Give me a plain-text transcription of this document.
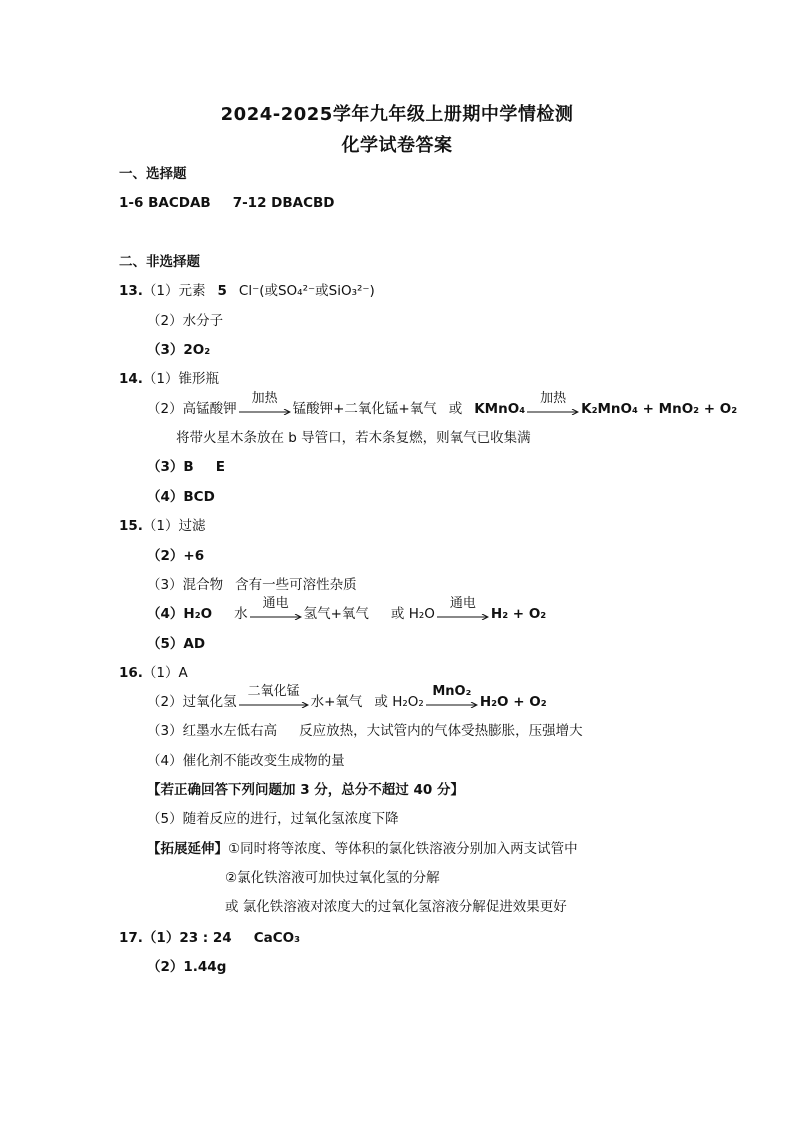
2024-2025学年九年级上册期中学情检测
化学试卷答案
一、选择题
1-6 BACDAB 7-12 DBACBD
二、非选择题
13.（1）元素 5 Cl⁻(或SO₄²⁻或SiO₃²⁻)
（2）水分子
（3）2O₂
14.（1）锥形瓶
（2）高锰酸钾
加热
锰酸钾+二氧化锰+氧气 或 KMnO₄
加热
K₂MnO₄ + MnO₂ + O₂
将带火星木条放在 b 导管口，若木条复燃，则氧气已收集满
（3）B E
（4）BCD
15.（1）过滤
（2）+6
（3）混合物 含有一些可溶性杂质
（4）H₂O 水
通电
氢气+氧气 或 H₂O
通电
H₂ + O₂
（5）AD
16.（1）A
（2）过氧化氢
二氧化锰
水+氧气 或 H₂O₂
MnO₂
H₂O + O₂
（3）红墨水左低右高 反应放热，大试管内的气体受热膨胀，压强增大
（4）催化剂不能改变生成物的量
【若正确回答下列问题加 3 分，总分不超过 40 分】
（5）随着反应的进行，过氧化氢浓度下降
【拓展延伸】①同时将等浓度、等体积的氯化铁溶液分别加入两支试管中
②氯化铁溶液可加快过氧化氢的分解
或 氯化铁溶液对浓度大的过氧化氢溶液分解促进效果更好
17.（1）23 : 24 CaCO₃
（2）1.44g
